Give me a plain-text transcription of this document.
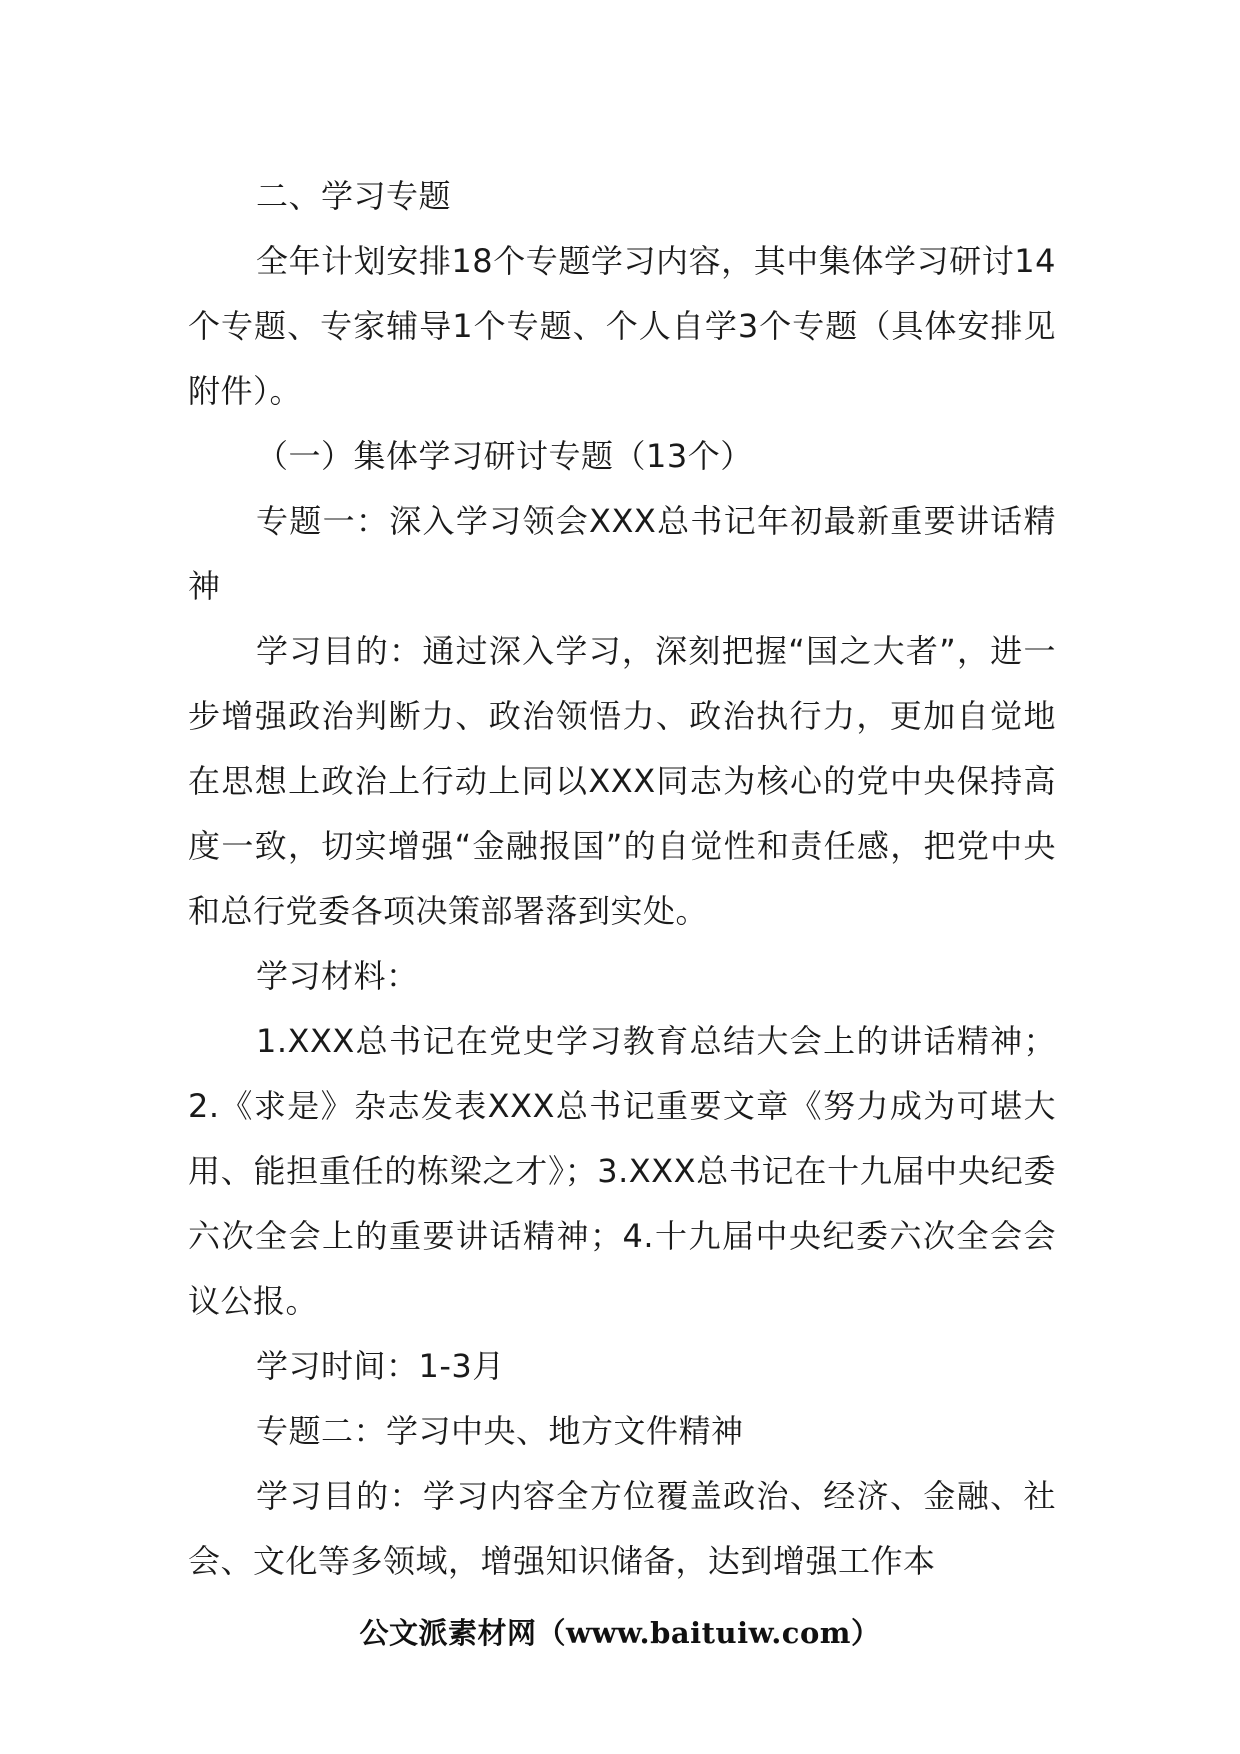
二、学习专题

全年计划安排18个专题学习内容，其中集体学习研讨14个专题、专家辅导1个专题、个人自学3个专题（具体安排见附件）。

（一）集体学习研讨专题（13个）

专题一：深入学习领会XXX总书记年初最新重要讲话精神

学习目的：通过深入学习，深刻把握“国之大者”，进一步增强政治判断力、政治领悟力、政治执行力，更加自觉地在思想上政治上行动上同以XXX同志为核心的党中央保持高度一致，切实增强“金融报国”的自觉性和责任感，把党中央和总行党委各项决策部署落到实处。

学习材料：

1.XXX总书记在党史学习教育总结大会上的讲话精神；2.《求是》杂志发表XXX总书记重要文章《努力成为可堪大用、能担重任的栋梁之才》；3.XXX总书记在十九届中央纪委六次全会上的重要讲话精神；4.十九届中央纪委六次全会会议公报。

学习时间：1-3月

专题二：学习中央、地方文件精神

学习目的：学习内容全方位覆盖政治、经济、金融、社会、文化等多领域，增强知识储备，达到增强工作本

公文派素材网（www.baituiw.com）
